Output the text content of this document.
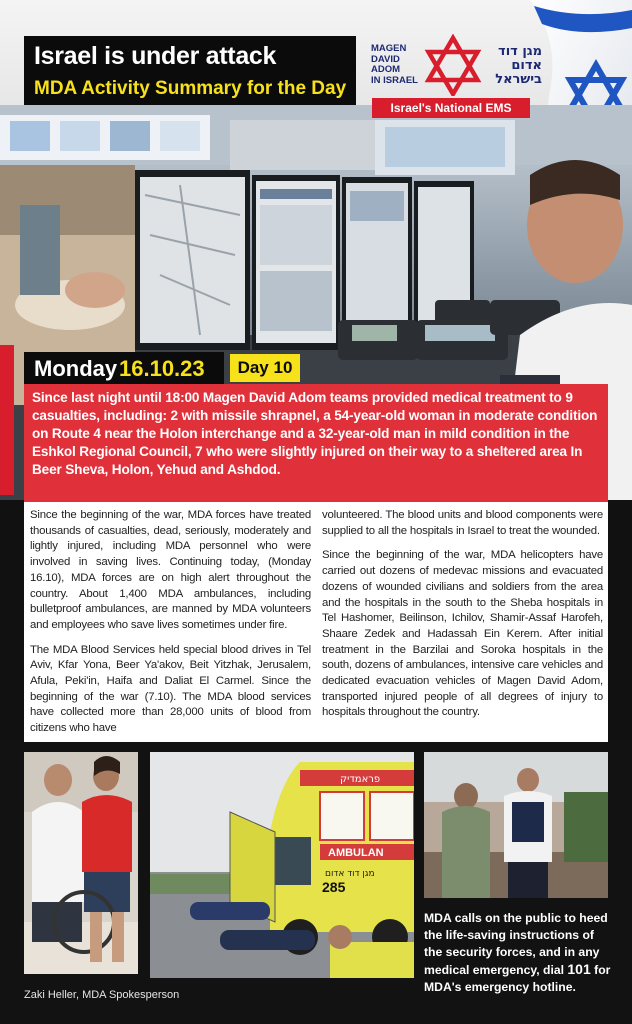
Israel is under attack
MDA Activity Summary for the Day
MAGEN
DAVID
ADOM
IN ISRAEL
מגן דוד
אדום
בישראל
Israel's National EMS
Monday 16.10.23	Day 10
Since last night until 18:00 Magen David Adom teams provided medical treatment to 9 casualties, including: 2 with missile shrapnel, a 54-year-old woman in moderate condition on Route 4 near the Holon interchange and a 32-year-old man in mild condition in the Eshkol Regional Council, 7 who were slightly injured on their way to a sheltered area In Beer Sheva, Holon, Yehud and Ashdod.

Since the beginning of the war, MDA forces have treated thousands of casualties, dead, seriously, moderately and lightly injured, including MDA personnel who were involved in saving lives. Continuing today, (Monday 16.10), MDA forces are on high alert throughout the country. About 1,400 MDA ambulances, including bulletproof ambulances, are manned by MDA volunteers and employees who save lives sometimes under fire.

The MDA Blood Services held special blood drives in Tel Aviv, Kfar Yona, Beer Ya'akov, Beit Yitzhak, Jerusalem, Afula, Peki'in, Haifa and Daliat El Carmel. Since the beginning of the war (7.10). The MDA blood services have collected more than 28,000 units of blood from citizens who have

volunteered. The blood units and blood components were supplied to all the hospitals in Israel to treat the wounded.

Since the beginning of the war, MDA helicopters have carried out dozens of medevac missions and evacuated dozens of wounded civilians and soldiers from the area and the hospitals in the south to the Sheba hospitals in Tel Hashomer, Beilinson, Ichilov, Shamir-Assaf Harofeh, Shaare Zedek and Hadassah Ein Kerem. After initial treatment in the Barzilai and Soroka hospitals in the south, dozens of ambulances, intensive care vehicles and dedicated evacuation vehicles of Magen David Adom, transported injured people of all degrees of injury to hospitals throughout the country.

פראמדיק
AMBULAN
מגן דוד אדום
285
Zaki Heller, MDA Spokesperson
MDA calls on the public to heed the life-saving instructions of the security forces, and in any medical emergency, dial 101 for MDA's emergency hotline.
